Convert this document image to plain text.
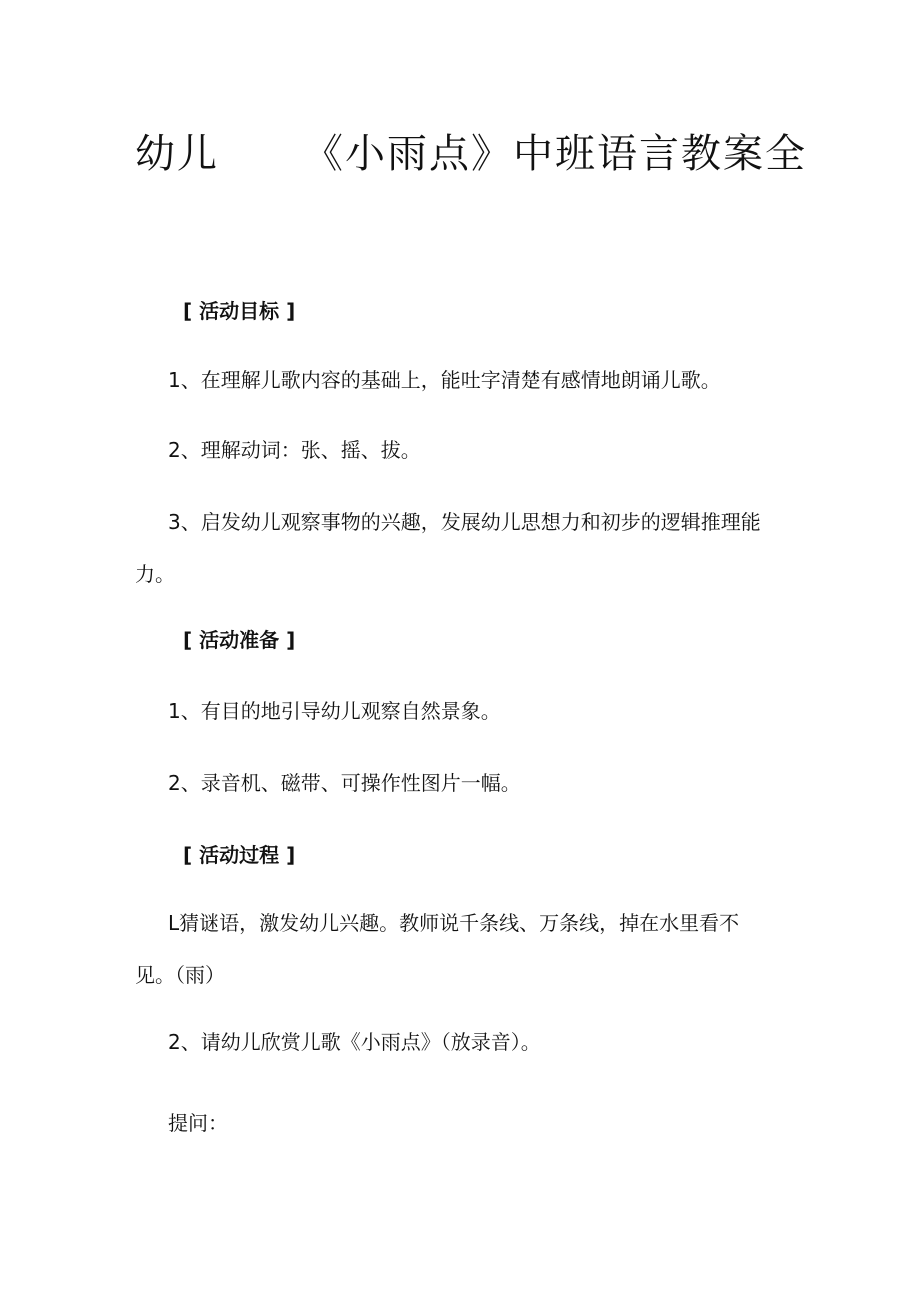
幼儿 《小雨点》中班语言教案全
[ 活动目标 ]

1、在理解儿歌内容的基础上，能吐字清楚有感情地朗诵儿歌。

2、理解动词：张、摇、拔。

3、启发幼儿观察事物的兴趣，发展幼儿思想力和初步的逻辑推理能力。

[ 活动准备 ]

1、有目的地引导幼儿观察自然景象。

2、录音机、磁带、可操作性图片一幅。

[ 活动过程 ]

L猜谜语，激发幼儿兴趣。教师说千条线、万条线，掉在水里看不见。（雨）

2、请幼儿欣赏儿歌《小雨点》（放录音）。

提问：
